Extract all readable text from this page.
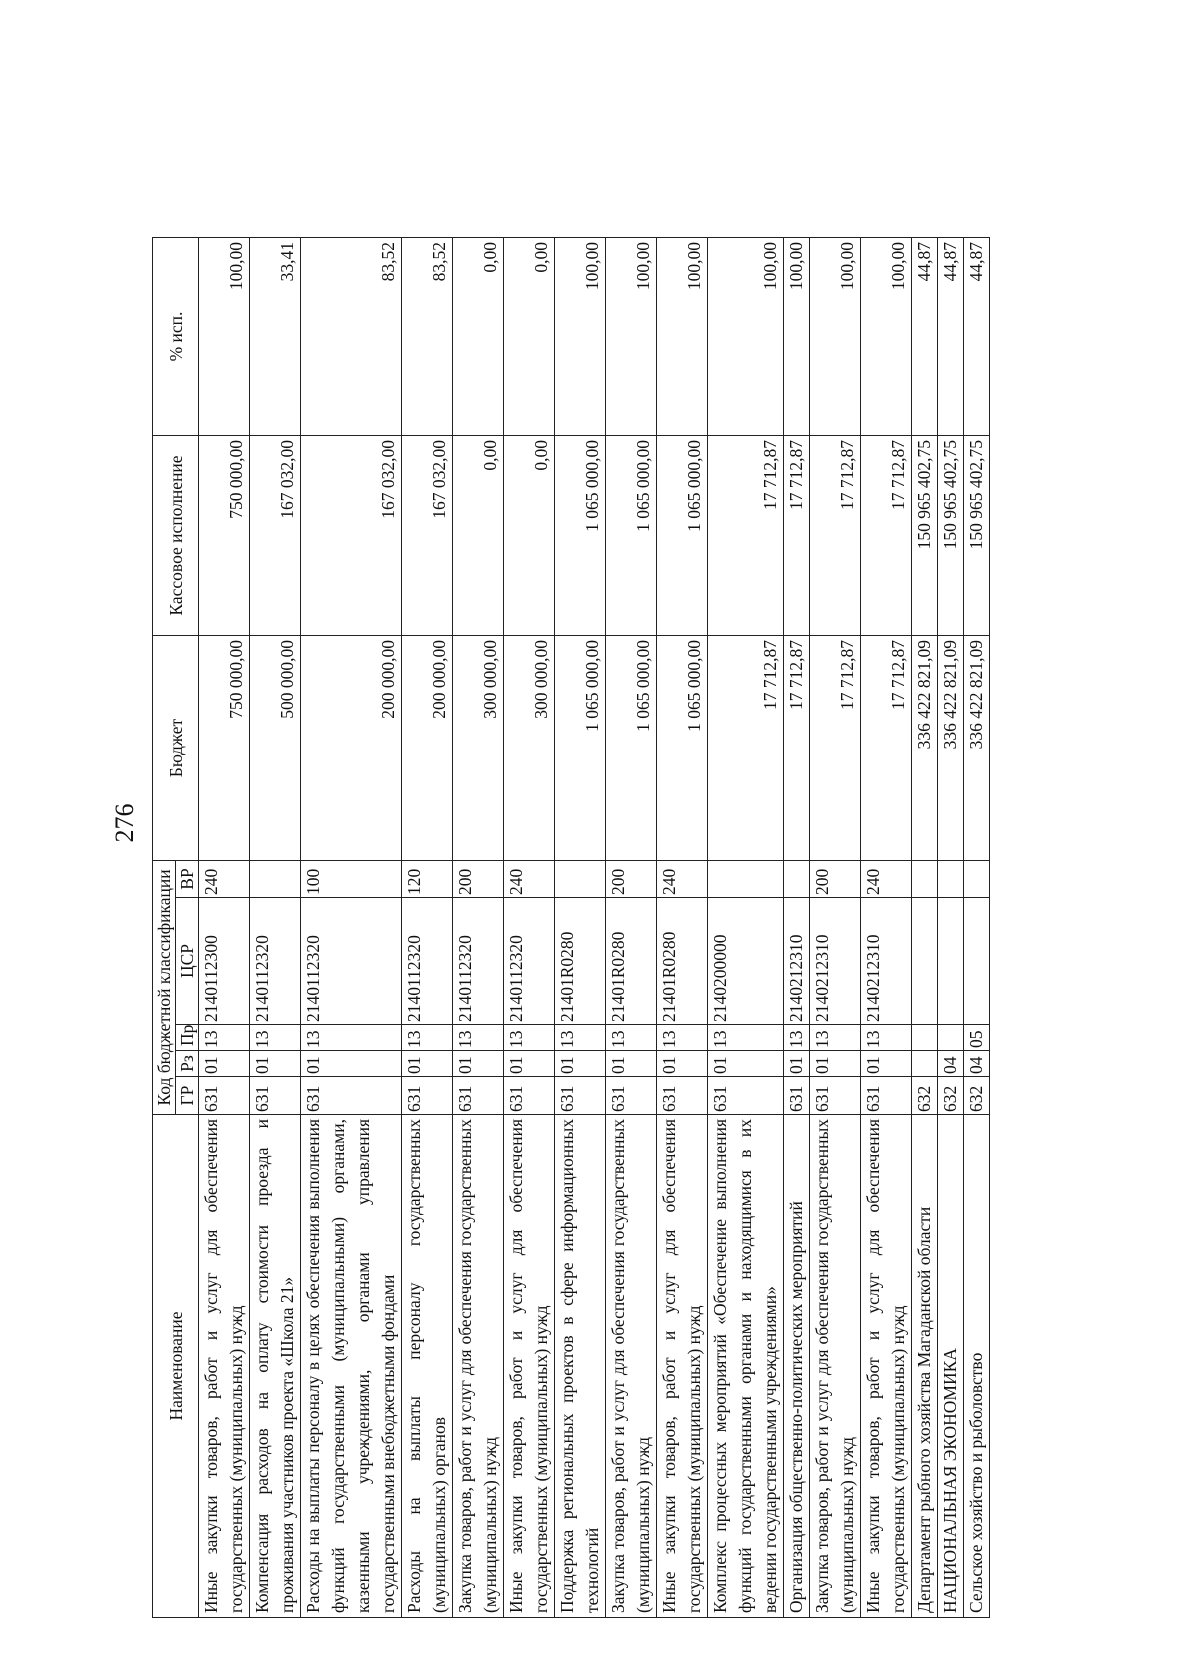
276
Наименование	Код бюджетной классификации					Бюджет	Кассовое исполнение	% исп.
	ГР	Рз	Пр	ЦСР	ВР			
Иные закупки товаров, работ и услуг для обеспечения государственных (муниципальных) нужд	631	01	13	2140112300	240	750 000,00	750 000,00	100,00
Компенсация расходов на оплату стоимости проезда и проживания участников проекта «Школа 21»	631	01	13	2140112320		500 000,00	167 032,00	33,41
Расходы на выплаты персоналу в целях обеспечения выполнения функций государственными (муниципальными) органами, казенными учреждениями, органами управления государственными внебюджетными фондами	631	01	13	2140112320	100	200 000,00	167 032,00	83,52
Расходы на выплаты персоналу государственных (муниципальных) органов	631	01	13	2140112320	120	200 000,00	167 032,00	83,52
Закупка товаров, работ и услуг для обеспечения государственных (муниципальных) нужд	631	01	13	2140112320	200	300 000,00	0,00	0,00
Иные закупки товаров, работ и услуг для обеспечения государственных (муниципальных) нужд	631	01	13	2140112320	240	300 000,00	0,00	0,00
Поддержка региональных проектов в сфере информационных технологий	631	01	13	21401R0280		1 065 000,00	1 065 000,00	100,00
Закупка товаров, работ и услуг для обеспечения государственных (муниципальных) нужд	631	01	13	21401R0280	200	1 065 000,00	1 065 000,00	100,00
Иные закупки товаров, работ и услуг для обеспечения государственных (муниципальных) нужд	631	01	13	21401R0280	240	1 065 000,00	1 065 000,00	100,00
Комплекс процессных мероприятий «Обеспечение выполнения функций государственными органами и находящимися в их ведении государственными учреждениями»	631	01	13	2140200000		17 712,87	17 712,87	100,00
Организация общественно-политических мероприятий	631	01	13	2140212310		17 712,87	17 712,87	100,00
Закупка товаров, работ и услуг для обеспечения государственных (муниципальных) нужд	631	01	13	2140212310	200	17 712,87	17 712,87	100,00
Иные закупки товаров, работ и услуг для обеспечения государственных (муниципальных) нужд	631	01	13	2140212310	240	17 712,87	17 712,87	100,00
Департамент рыбного хозяйства Магаданской области	632					336 422 821,09	150 965 402,75	44,87
НАЦИОНАЛЬНАЯ ЭКОНОМИКА	632	04				336 422 821,09	150 965 402,75	44,87
Сельское хозяйство и рыболовство	632	04	05			336 422 821,09	150 965 402,75	44,87
